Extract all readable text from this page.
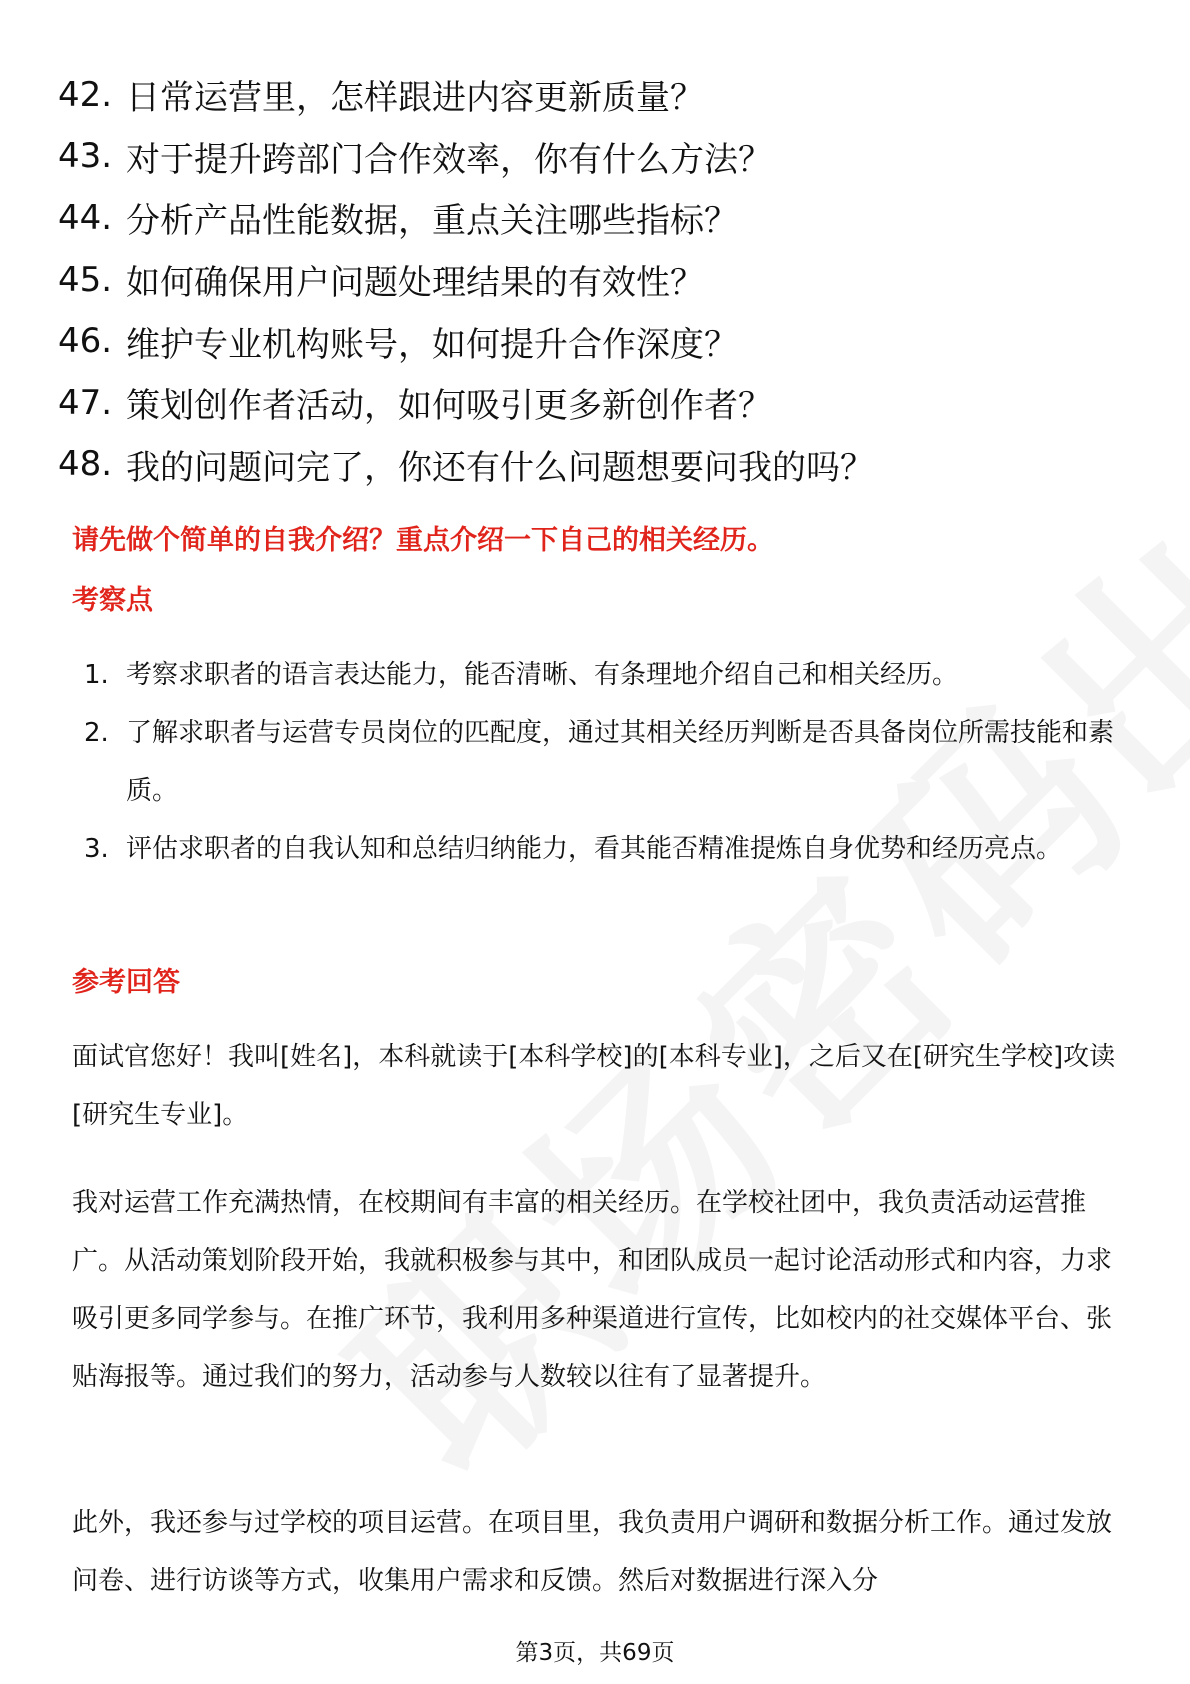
42. 日常运营里，怎样跟进内容更新质量？
43. 对于提升跨部门合作效率，你有什么方法？
44. 分析产品性能数据，重点关注哪些指标？
45. 如何确保用户问题处理结果的有效性？
46. 维护专业机构账号，如何提升合作深度？
47. 策划创作者活动，如何吸引更多新创作者？
48. 我的问题问完了，你还有什么问题想要问我的吗？
请先做个简单的自我介绍？重点介绍一下自己的相关经历。
考察点
1. 考察求职者的语言表达能力，能否清晰、有条理地介绍自己和相关经历。
2. 了解求职者与运营专员岗位的匹配度，通过其相关经历判断是否具备岗位所需技能和素质。
3. 评估求职者的自我认知和总结归纳能力，看其能否精准提炼自身优势和经历亮点。
参考回答
面试官您好！我叫[姓名]，本科就读于[本科学校]的[本科专业]，之后又在[研究生学校]攻读[研究生专业]。
我对运营工作充满热情，在校期间有丰富的相关经历。在学校社团中，我负责活动运营推广。从活动策划阶段开始，我就积极参与其中，和团队成员一起讨论活动形式和内容，力求吸引更多同学参与。在推广环节，我利用多种渠道进行宣传，比如校内的社交媒体平台、张贴海报等。通过我们的努力，活动参与人数较以往有了显著提升。
此外，我还参与过学校的项目运营。在项目里，我负责用户调研和数据分析工作。通过发放问卷、进行访谈等方式，收集用户需求和反馈。然后对数据进行深入分
第3页，共69页
